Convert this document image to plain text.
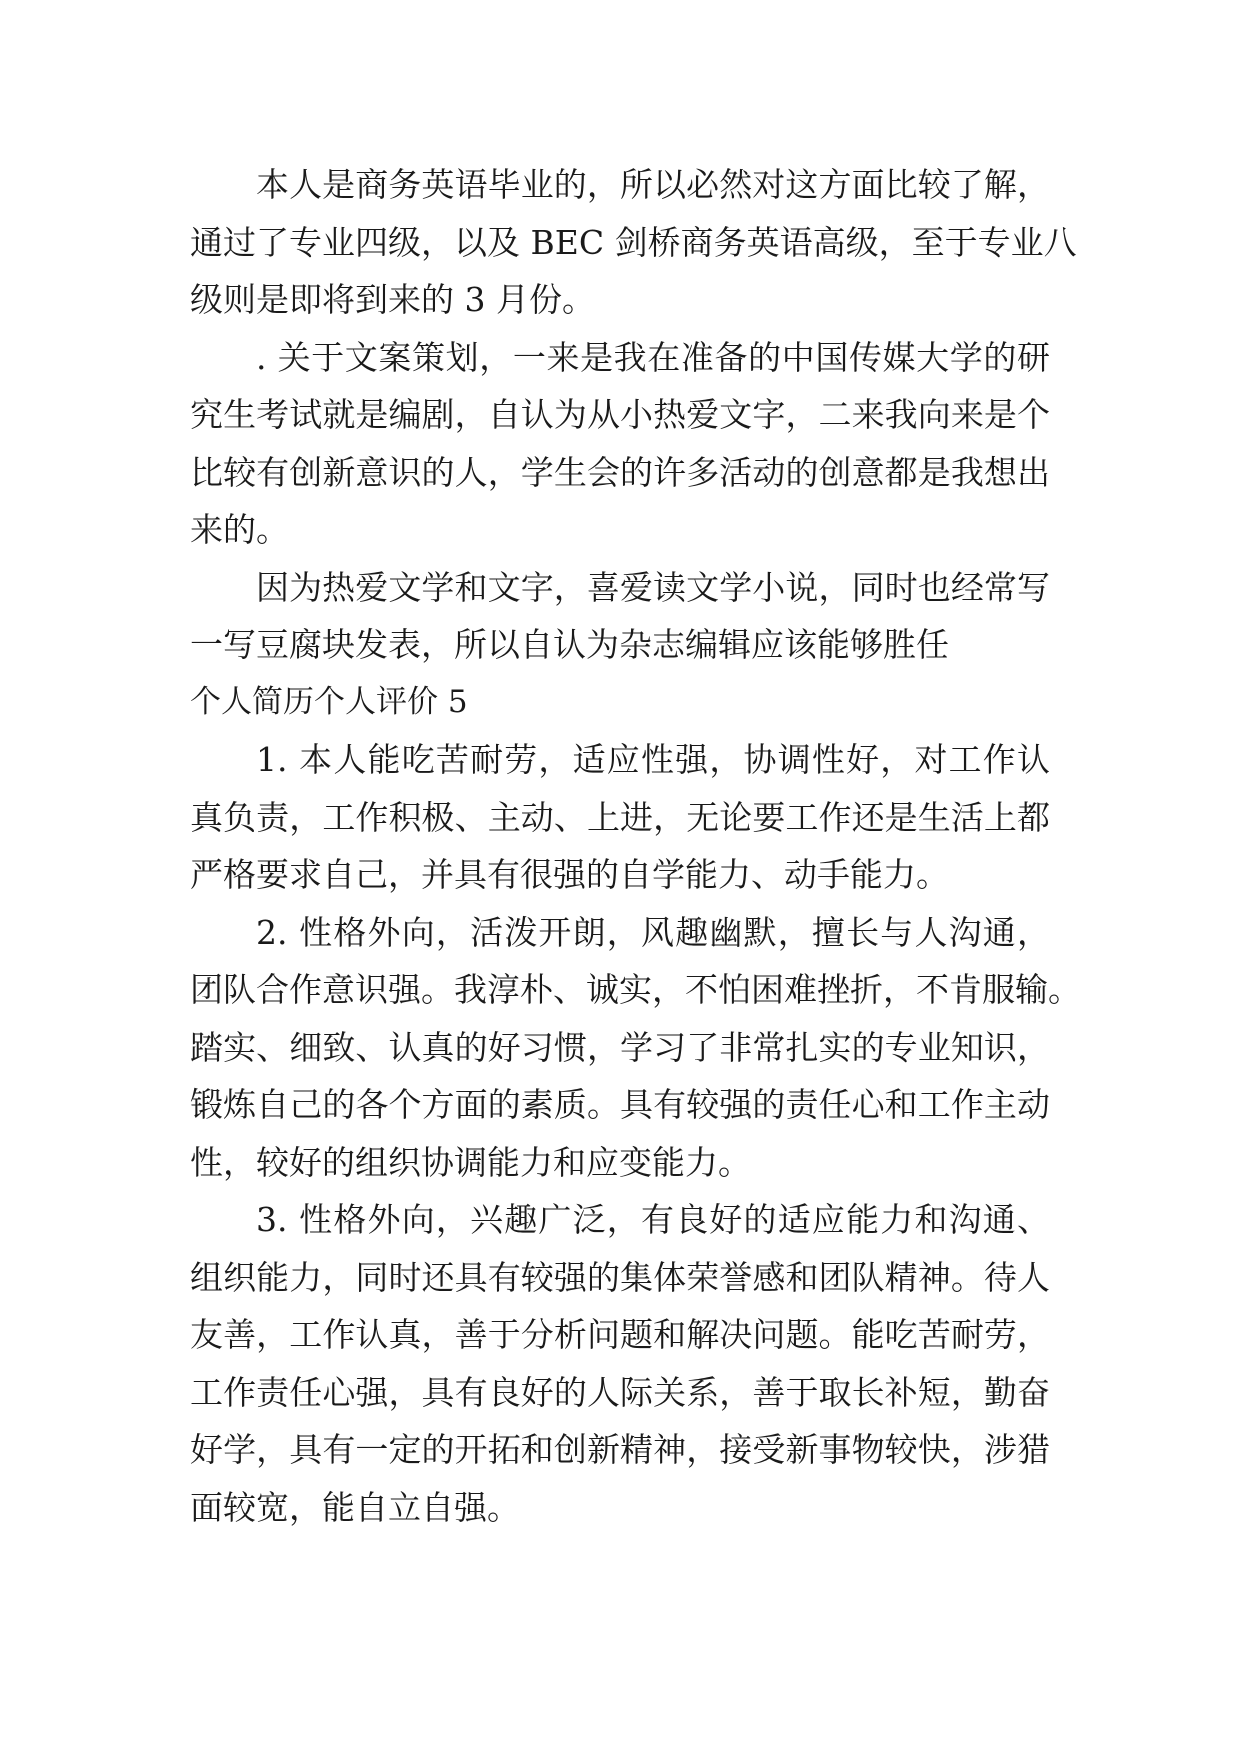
本人是商务英语毕业的，所以必然对这方面比较了解，
通过了专业四级，以及 BEC 剑桥商务英语高级，至于专业八
级则是即将到来的 3 月份。
. 关于文案策划，一来是我在准备的中国传媒大学的研
究生考试就是编剧，自认为从小热爱文字，二来我向来是个
比较有创新意识的人，学生会的许多活动的创意都是我想出
来的。
因为热爱文学和文字，喜爱读文学小说，同时也经常写
一写豆腐块发表，所以自认为杂志编辑应该能够胜任
个人简历个人评价 5
1. 本人能吃苦耐劳，适应性强，协调性好，对工作认
真负责，工作积极、主动、上进，无论要工作还是生活上都
严格要求自己，并具有很强的自学能力、动手能力。
2. 性格外向，活泼开朗，风趣幽默，擅长与人沟通，
团队合作意识强。我淳朴、诚实，不怕困难挫折，不肯服输。
踏实、细致、认真的好习惯，学习了非常扎实的专业知识，
锻炼自己的各个方面的素质。具有较强的责任心和工作主动
性，较好的组织协调能力和应变能力。
3. 性格外向，兴趣广泛，有良好的适应能力和沟通、
组织能力，同时还具有较强的集体荣誉感和团队精神。待人
友善，工作认真，善于分析问题和解决问题。能吃苦耐劳，
工作责任心强，具有良好的人际关系，善于取长补短，勤奋
好学，具有一定的开拓和创新精神，接受新事物较快，涉猎
面较宽，能自立自强。
